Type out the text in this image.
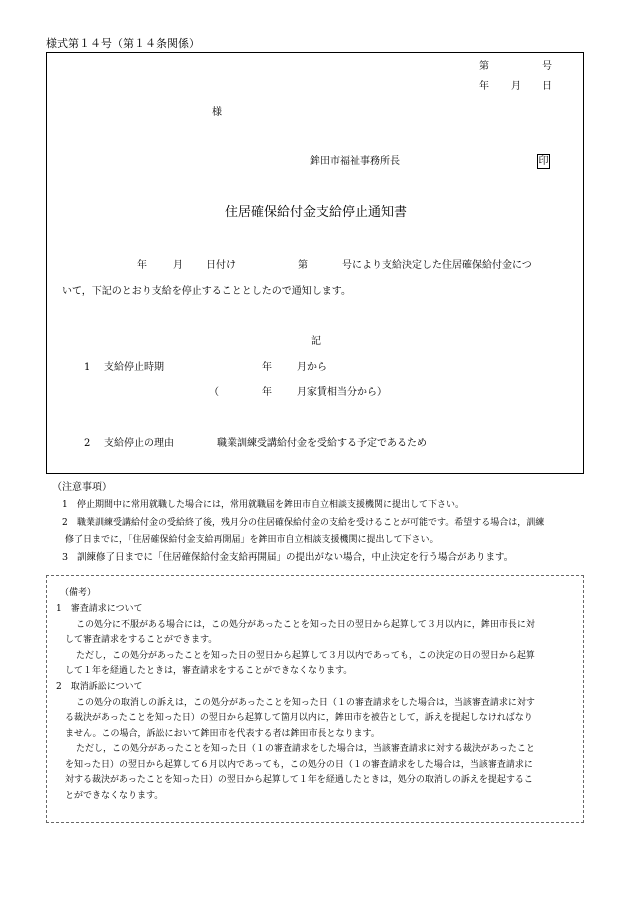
様式第１４号（第１４条関係）
第	号
年 月 日
様
鉾田市福祉事務所長	印
住居確保給付金支給停止通知書
年	月 日付け	第	号により支給決定した住居確保給付金につ
いて，下記のとおり支給を停止することとしたので通知します。
記
1 支給停止時期	年	月から
（	年	月家賃相当分から）
2 支給停止の理由	職業訓練受講給付金を受給する予定であるため
（注意事項）
1 停止期間中に常用就職した場合には，常用就職届を鉾田市自立相談支援機関に提出して下さい。
2 職業訓練受講給付金の受給終了後，残月分の住居確保給付金の支給を受けることが可能です。希望する場合は，訓練
修了日までに，「住居確保給付金支給再開届」を鉾田市自立相談支援機関に提出して下さい。
3 訓練修了日までに「住居確保給付金支給再開届」の提出がない場合，中止決定を行う場合があります。
（備考）
1　審査請求について
この処分に不服がある場合には，この処分があったことを知った日の翌日から起算して３月以内に，鉾田市長に対
して審査請求をすることができます。
ただし，この処分があったことを知った日の翌日から起算して３月以内であっても，この決定の日の翌日から起算
して１年を経過したときは，審査請求をすることができなくなります。
2　取消訴訟について
この処分の取消しの訴えは，この処分があったことを知った日（１の審査請求をした場合は，当該審査請求に対す
る裁決があったことを知った日）の翌日から起算して箇月以内に，鉾田市を被告として，訴えを提起しなければなり
ません。この場合，訴訟において鉾田市を代表する者は鉾田市長となります。
ただし，この処分があったことを知った日（１の審査請求をした場合は，当該審査請求に対する裁決があったこと
を知った日）の翌日から起算して６月以内であっても，この処分の日（１の審査請求をした場合は，当該審査請求に
対する裁決があったことを知った日）の翌日から起算して１年を経過したときは，処分の取消しの訴えを提起するこ
とができなくなります。
